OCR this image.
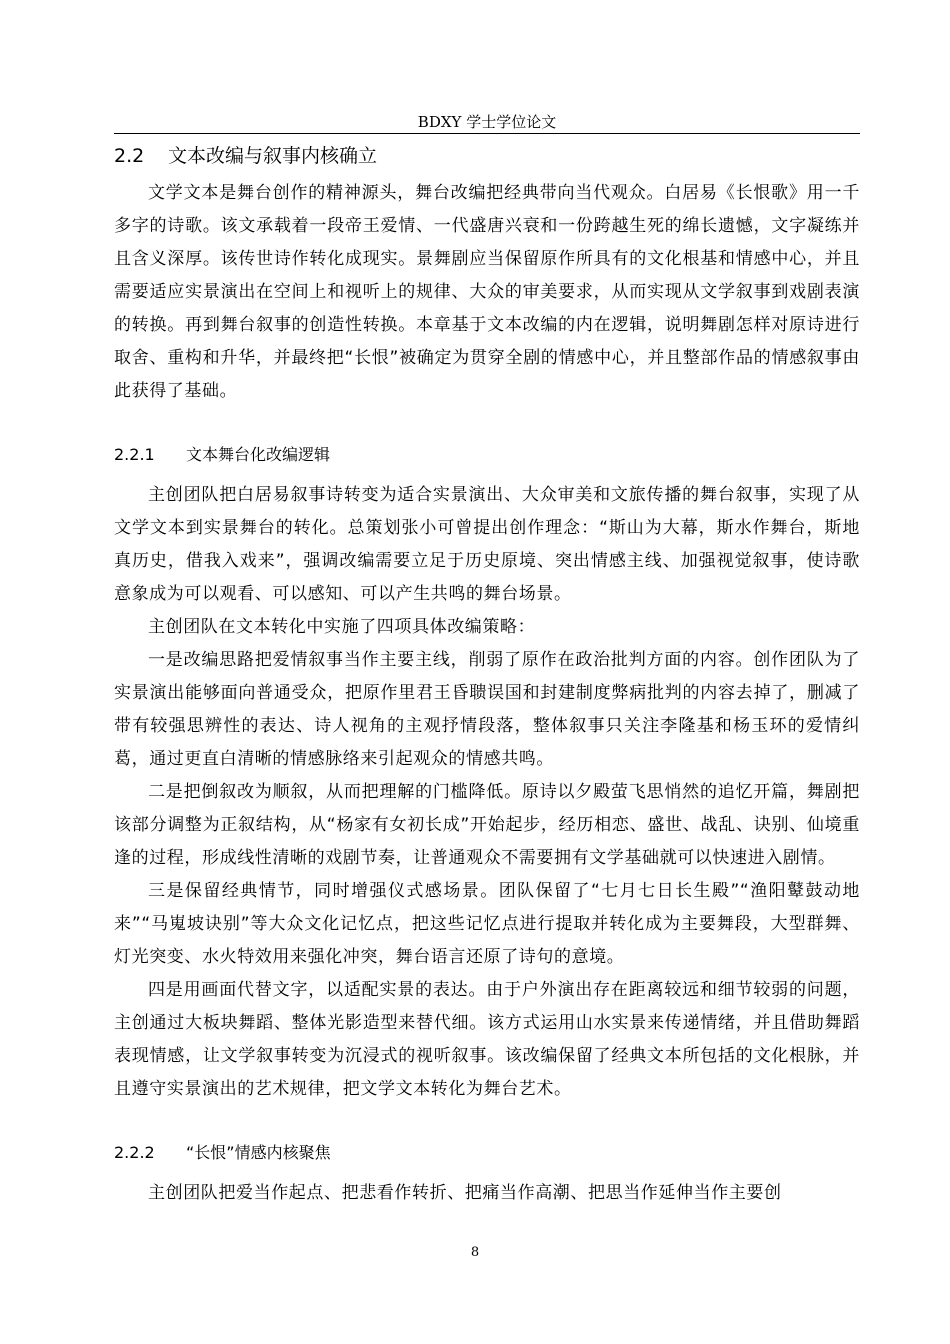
BDXY 学士学位论文
2.2 文本改编与叙事内核确立

文学文本是舞台创作的精神源头，舞台改编把经典带向当代观众。白居易《长恨歌》用一千多字的诗歌。该文承载着一段帝王爱情、一代盛唐兴衰和一份跨越生死的绵长遗憾，文字凝练并且含义深厚。该传世诗作转化成现实。景舞剧应当保留原作所具有的文化根基和情感中心，并且需要适应实景演出在空间上和视听上的规律、大众的审美要求，从而实现从文学叙事到戏剧表演的转换。再到舞台叙事的创造性转换。本章基于文本改编的内在逻辑，说明舞剧怎样对原诗进行取舍、重构和升华，并最终把“长恨”被确定为贯穿全剧的情感中心，并且整部作品的情感叙事由此获得了基础。

2.2.1 文本舞台化改编逻辑

主创团队把白居易叙事诗转变为适合实景演出、大众审美和文旅传播的舞台叙事，实现了从文学文本到实景舞台的转化。总策划张小可曾提出创作理念：“斯山为大幕，斯水作舞台，斯地真历史，借我入戏来”，强调改编需要立足于历史原境、突出情感主线、加强视觉叙事，使诗歌意象成为可以观看、可以感知、可以产生共鸣的舞台场景。

主创团队在文本转化中实施了四项具体改编策略：

一是改编思路把爱情叙事当作主要主线，削弱了原作在政治批判方面的内容。创作团队为了实景演出能够面向普通受众，把原作里君王昏聩误国和封建制度弊病批判的内容去掉了，删减了带有较强思辨性的表达、诗人视角的主观抒情段落，整体叙事只关注李隆基和杨玉环的爱情纠葛，通过更直白清晰的情感脉络来引起观众的情感共鸣。

二是把倒叙改为顺叙，从而把理解的门槛降低。原诗以夕殿萤飞思悄然的追忆开篇，舞剧把该部分调整为正叙结构，从“杨家有女初长成”开始起步，经历相恋、盛世、战乱、诀别、仙境重逢的过程，形成线性清晰的戏剧节奏，让普通观众不需要拥有文学基础就可以快速进入剧情。

三是保留经典情节，同时增强仪式感场景。团队保留了“七月七日长生殿”“渔阳鼙鼓动地来”“马嵬坡诀别”等大众文化记忆点，把这些记忆点进行提取并转化成为主要舞段，大型群舞、灯光突变、水火特效用来强化冲突，舞台语言还原了诗句的意境。

四是用画面代替文字，以适配实景的表达。由于户外演出存在距离较远和细节较弱的问题，主创通过大板块舞蹈、整体光影造型来替代细。该方式运用山水实景来传递情绪，并且借助舞蹈表现情感，让文学叙事转变为沉浸式的视听叙事。该改编保留了经典文本所包括的文化根脉，并且遵守实景演出的艺术规律，把文学文本转化为舞台艺术。

2.2.2 “长恨”情感内核聚焦

主创团队把爱当作起点、把悲看作转折、把痛当作高潮、把思当作延伸当作主要创

8
